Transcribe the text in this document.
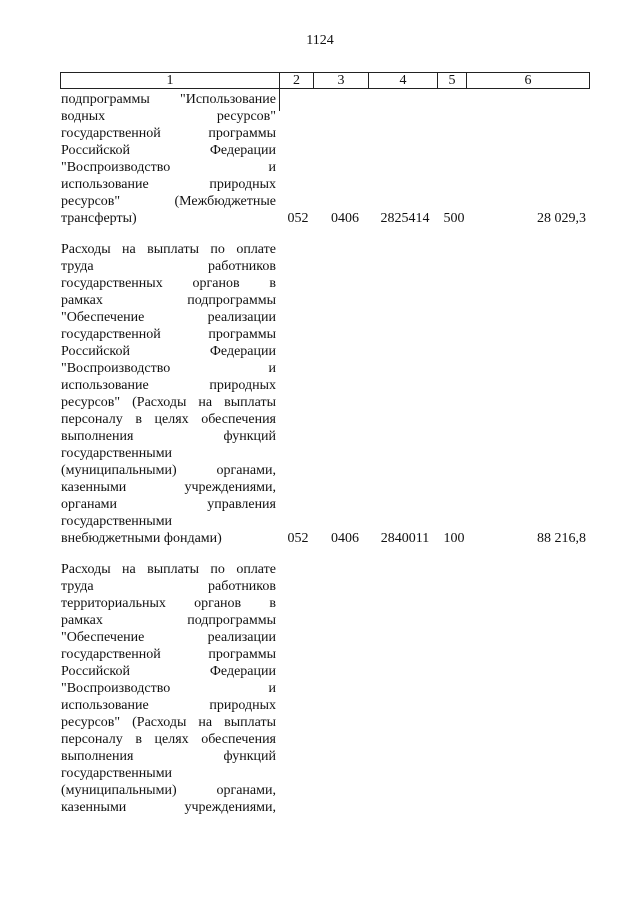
1124
1	2	3	4	5	6
подпрограммы "Использование
водных ресурсов"
государственной программы
Российской Федерации
"Воспроизводство и
использование природных
ресурсов" (Межбюджетные
трансферты)	052	0406	2825414	500	28 029,3
Расходы на выплаты по оплате
труда работников
государственных органов в
рамках подпрограммы
"Обеспечение реализации
государственной программы
Российской Федерации
"Воспроизводство и
использование природных
ресурсов" (Расходы на выплаты
персоналу в целях обеспечения
выполнения функций
государственными
(муниципальными) органами,
казенными учреждениями,
органами управления
государственными
внебюджетными фондами)	052	0406	2840011	100	88 216,8
Расходы на выплаты по оплате
труда работников
территориальных органов в
рамках подпрограммы
"Обеспечение реализации
государственной программы
Российской Федерации
"Воспроизводство и
использование природных
ресурсов" (Расходы на выплаты
персоналу в целях обеспечения
выполнения функций
государственными
(муниципальными) органами,
казенными учреждениями,
